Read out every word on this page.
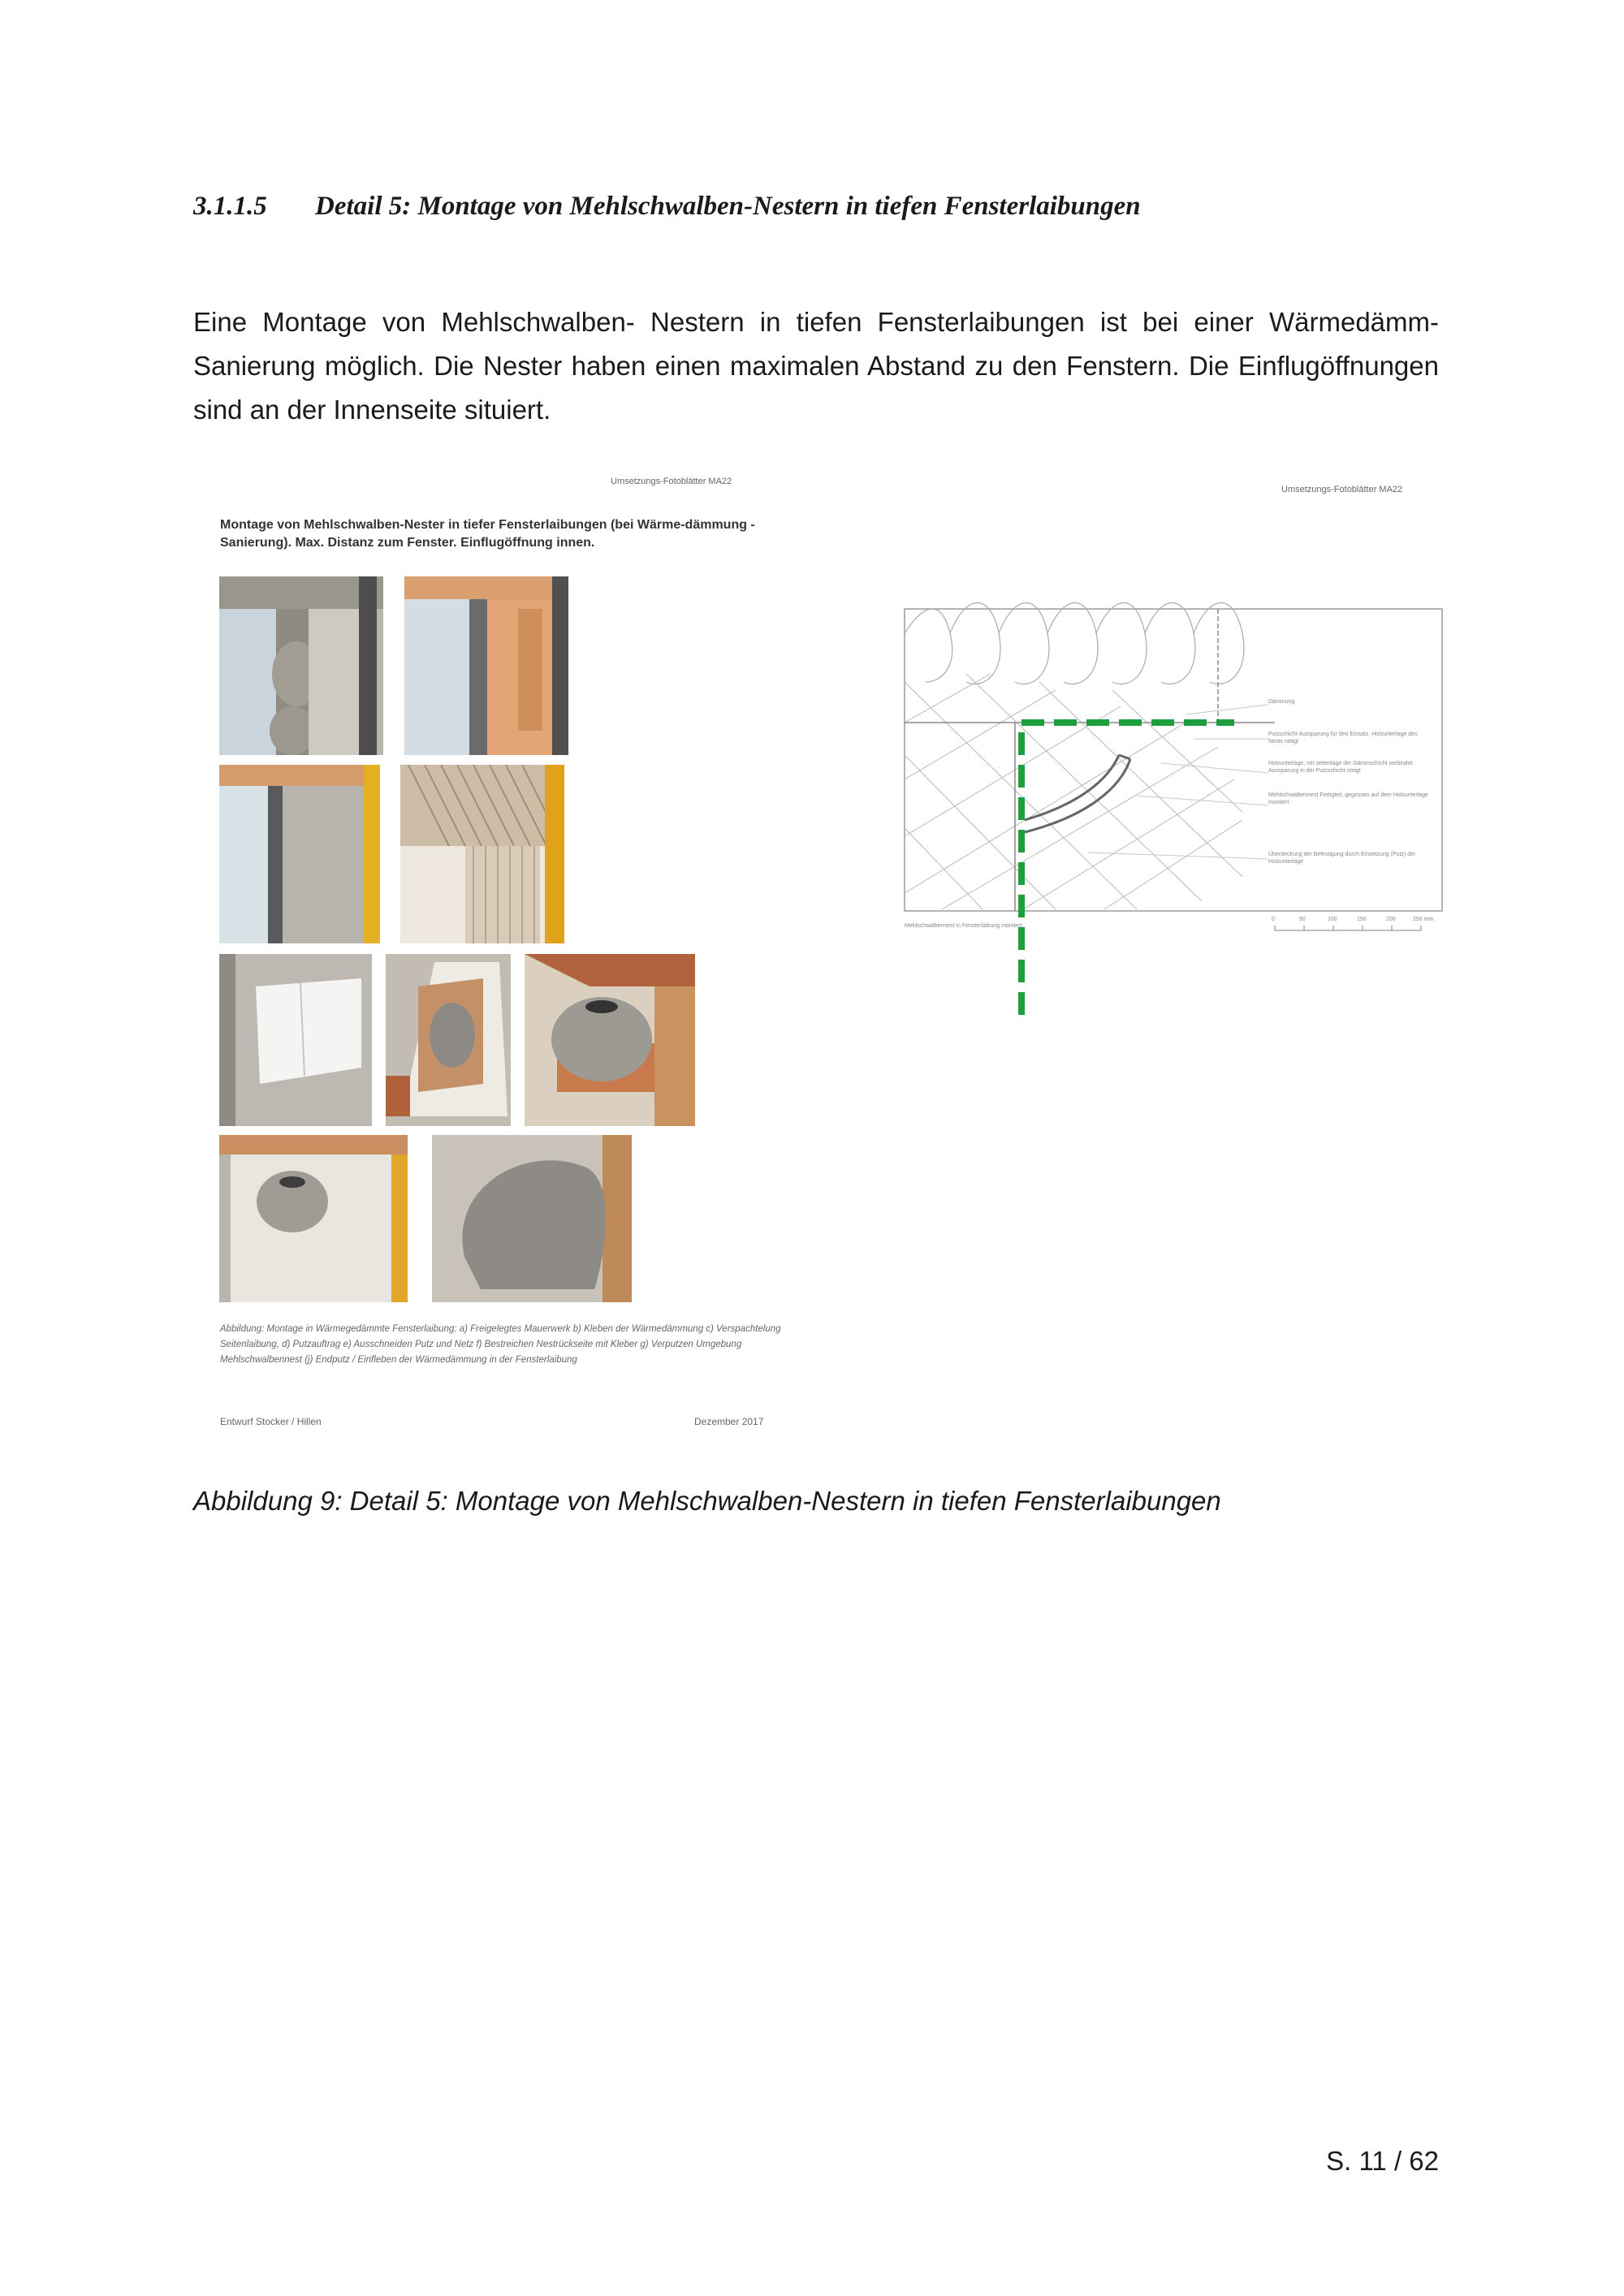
3.1.1.5 Detail 5: Montage von Mehlschwalben-Nestern in tiefen Fensterlaibungen
Eine Montage von Mehlschwalben- Nestern in tiefen Fensterlaibungen ist bei einer Wärmedämm-Sanierung möglich. Die Nester haben einen maximalen Abstand zu den Fenstern. Die Einflugöffnungen sind an der Innenseite situiert.
Umsetzungs-Fotoblätter MA22
Montage von Mehlschwalben-Nester in tiefer Fensterlaibungen (bei Wärme-dämmung - Sanierung). Max. Distanz zum Fenster. Einflugöffnung innen.
Abbildung: Montage in Wärmegedämmte Fensterlaibung: a) Freigelegtes Mauerwerk b) Kleben der Wärmedämmung c) Verspachtelung Seitenlaibung, d) Putzauftrag e) Ausschneiden Putz und Netz f) Bestreichen Nestrückseite mit Kleber g) Verputzen Umgebung Mehlschwalbennest (j) Endputz / Einfleben der Wärmedämmung in der Fensterlaibung
Entwurf Stocker / Hillen	Dezember 2017
Umsetzungs-Fotoblätter MA22
Dämmung
Putzschicht Aussparung für den Einsatz. Holzunterlage des Nests nötigt
Holzunterlage, mit seitenlage der Dämmschicht verbindet Aussparung in der Putzschicht nötigt
Mehlschwalbennest Fertigteil, gegossen auf dem Holzunterlage montiert
Überdeckung der Befestigung durch Einsetzung (Putz) der Holzunterlage
Mehlschwalbennest in Fensterlaibung montiert
0	50	100	150	200	250 mm
Abbildung 9: Detail 5: Montage von Mehlschwalben-Nestern in tiefen Fensterlaibungen
S. 11 / 62
